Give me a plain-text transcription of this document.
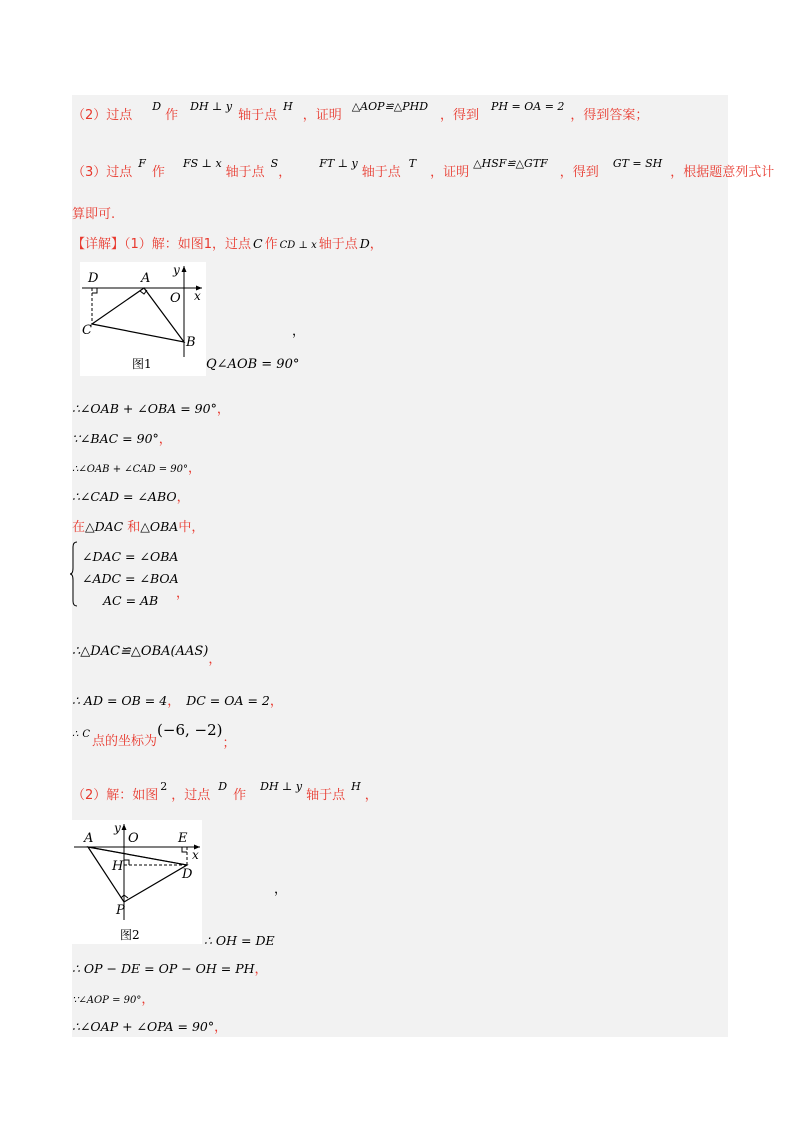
（2）过点$^D$作$^{DH \perp y}$轴于点$^H$，证明$^{\triangle AOP≌\triangle PHD}$，得到$^{PH = OA = 2}$，得到答案；
（3）过点$^F$作$^{FS \perp x}$轴于点$^S$，$^{FT \perp y}$轴于点$^T$，证明$^{\triangle HSF≌\triangle GTF}$，得到$^{GT = SH}$，根据题意列式计
算即可.
【详解】（1）解：如图1，过点 C 作 CD ⊥ x 轴于点 D，
D	A
y
O x
C
B
图1
，
Q∠AOB = 90°
∴∠OAB + ∠OBA = 90°，
∵∠BAC = 90°，
∴∠OAB + ∠CAD = 90°，
∴∠CAD = ∠ABO，
在△DAC 和△OBA中，
∠DAC = ∠OBA
∠ADC = ∠BOA
AC = AB ，
$\therefore\triangle DAC≌\triangle OBA(AAS)_,$
∴ AD = OB = 4， DC = OA = 2，
∴ C $_{点的坐标为}$(−6, $-2)_;$
（2）解：如图$^2$，过点$^D$作$^{DH \perp y}$轴于点$^H$，
A
y
O	E
x
H
D
P
图2
，
∴ OH = DE
∴ OP − DE = OP − OH = PH，
∵∠AOP = 90°，
∴∠OAP + ∠OPA = 90°，
